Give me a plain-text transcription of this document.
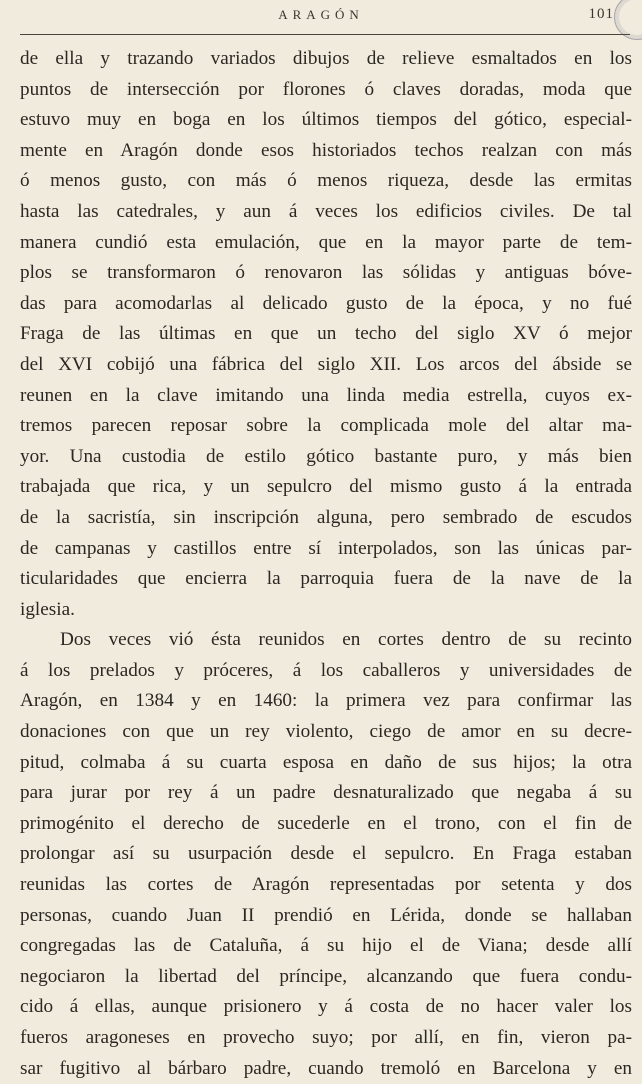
ARAGÓN	101
de ella y trazando variados dibujos de relieve esmaltados en los
puntos de intersección por florones ó claves doradas, moda que
estuvo muy en boga en los últimos tiempos del gótico, especial-
mente en Aragón donde esos historiados techos realzan con más
ó menos gusto, con más ó menos riqueza, desde las ermitas
hasta las catedrales, y aun á veces los edificios civiles. De tal
manera cundió esta emulación, que en la mayor parte de tem-
plos se transformaron ó renovaron las sólidas y antiguas bóve-
das para acomodarlas al delicado gusto de la época, y no fué
Fraga de las últimas en que un techo del siglo XV ó mejor
del XVI cobijó una fábrica del siglo XII. Los arcos del ábside se
reunen en la clave imitando una linda media estrella, cuyos ex-
tremos parecen reposar sobre la complicada mole del altar ma-
yor. Una custodia de estilo gótico bastante puro, y más bien
trabajada que rica, y un sepulcro del mismo gusto á la entrada
de la sacristía, sin inscripción alguna, pero sembrado de escudos
de campanas y castillos entre sí interpolados, son las únicas par-
ticularidades que encierra la parroquia fuera de la nave de la
iglesia.
Dos veces vió ésta reunidos en cortes dentro de su recinto
á los prelados y próceres, á los caballeros y universidades de
Aragón, en 1384 y en 1460: la primera vez para confirmar las
donaciones con que un rey violento, ciego de amor en su decre-
pitud, colmaba á su cuarta esposa en daño de sus hijos; la otra
para jurar por rey á un padre desnaturalizado que negaba á su
primogénito el derecho de sucederle en el trono, con el fin de
prolongar así su usurpación desde el sepulcro. En Fraga estaban
reunidas las cortes de Aragón representadas por setenta y dos
personas, cuando Juan II prendió en Lérida, donde se hallaban
congregadas las de Cataluña, á su hijo el de Viana; desde allí
negociaron la libertad del príncipe, alcanzando que fuera condu-
cido á ellas, aunque prisionero y á costa de no hacer valer los
fueros aragoneses en provecho suyo; por allí, en fin, vieron pa-
sar fugitivo al bárbaro padre, cuando tremoló en Barcelona y en
